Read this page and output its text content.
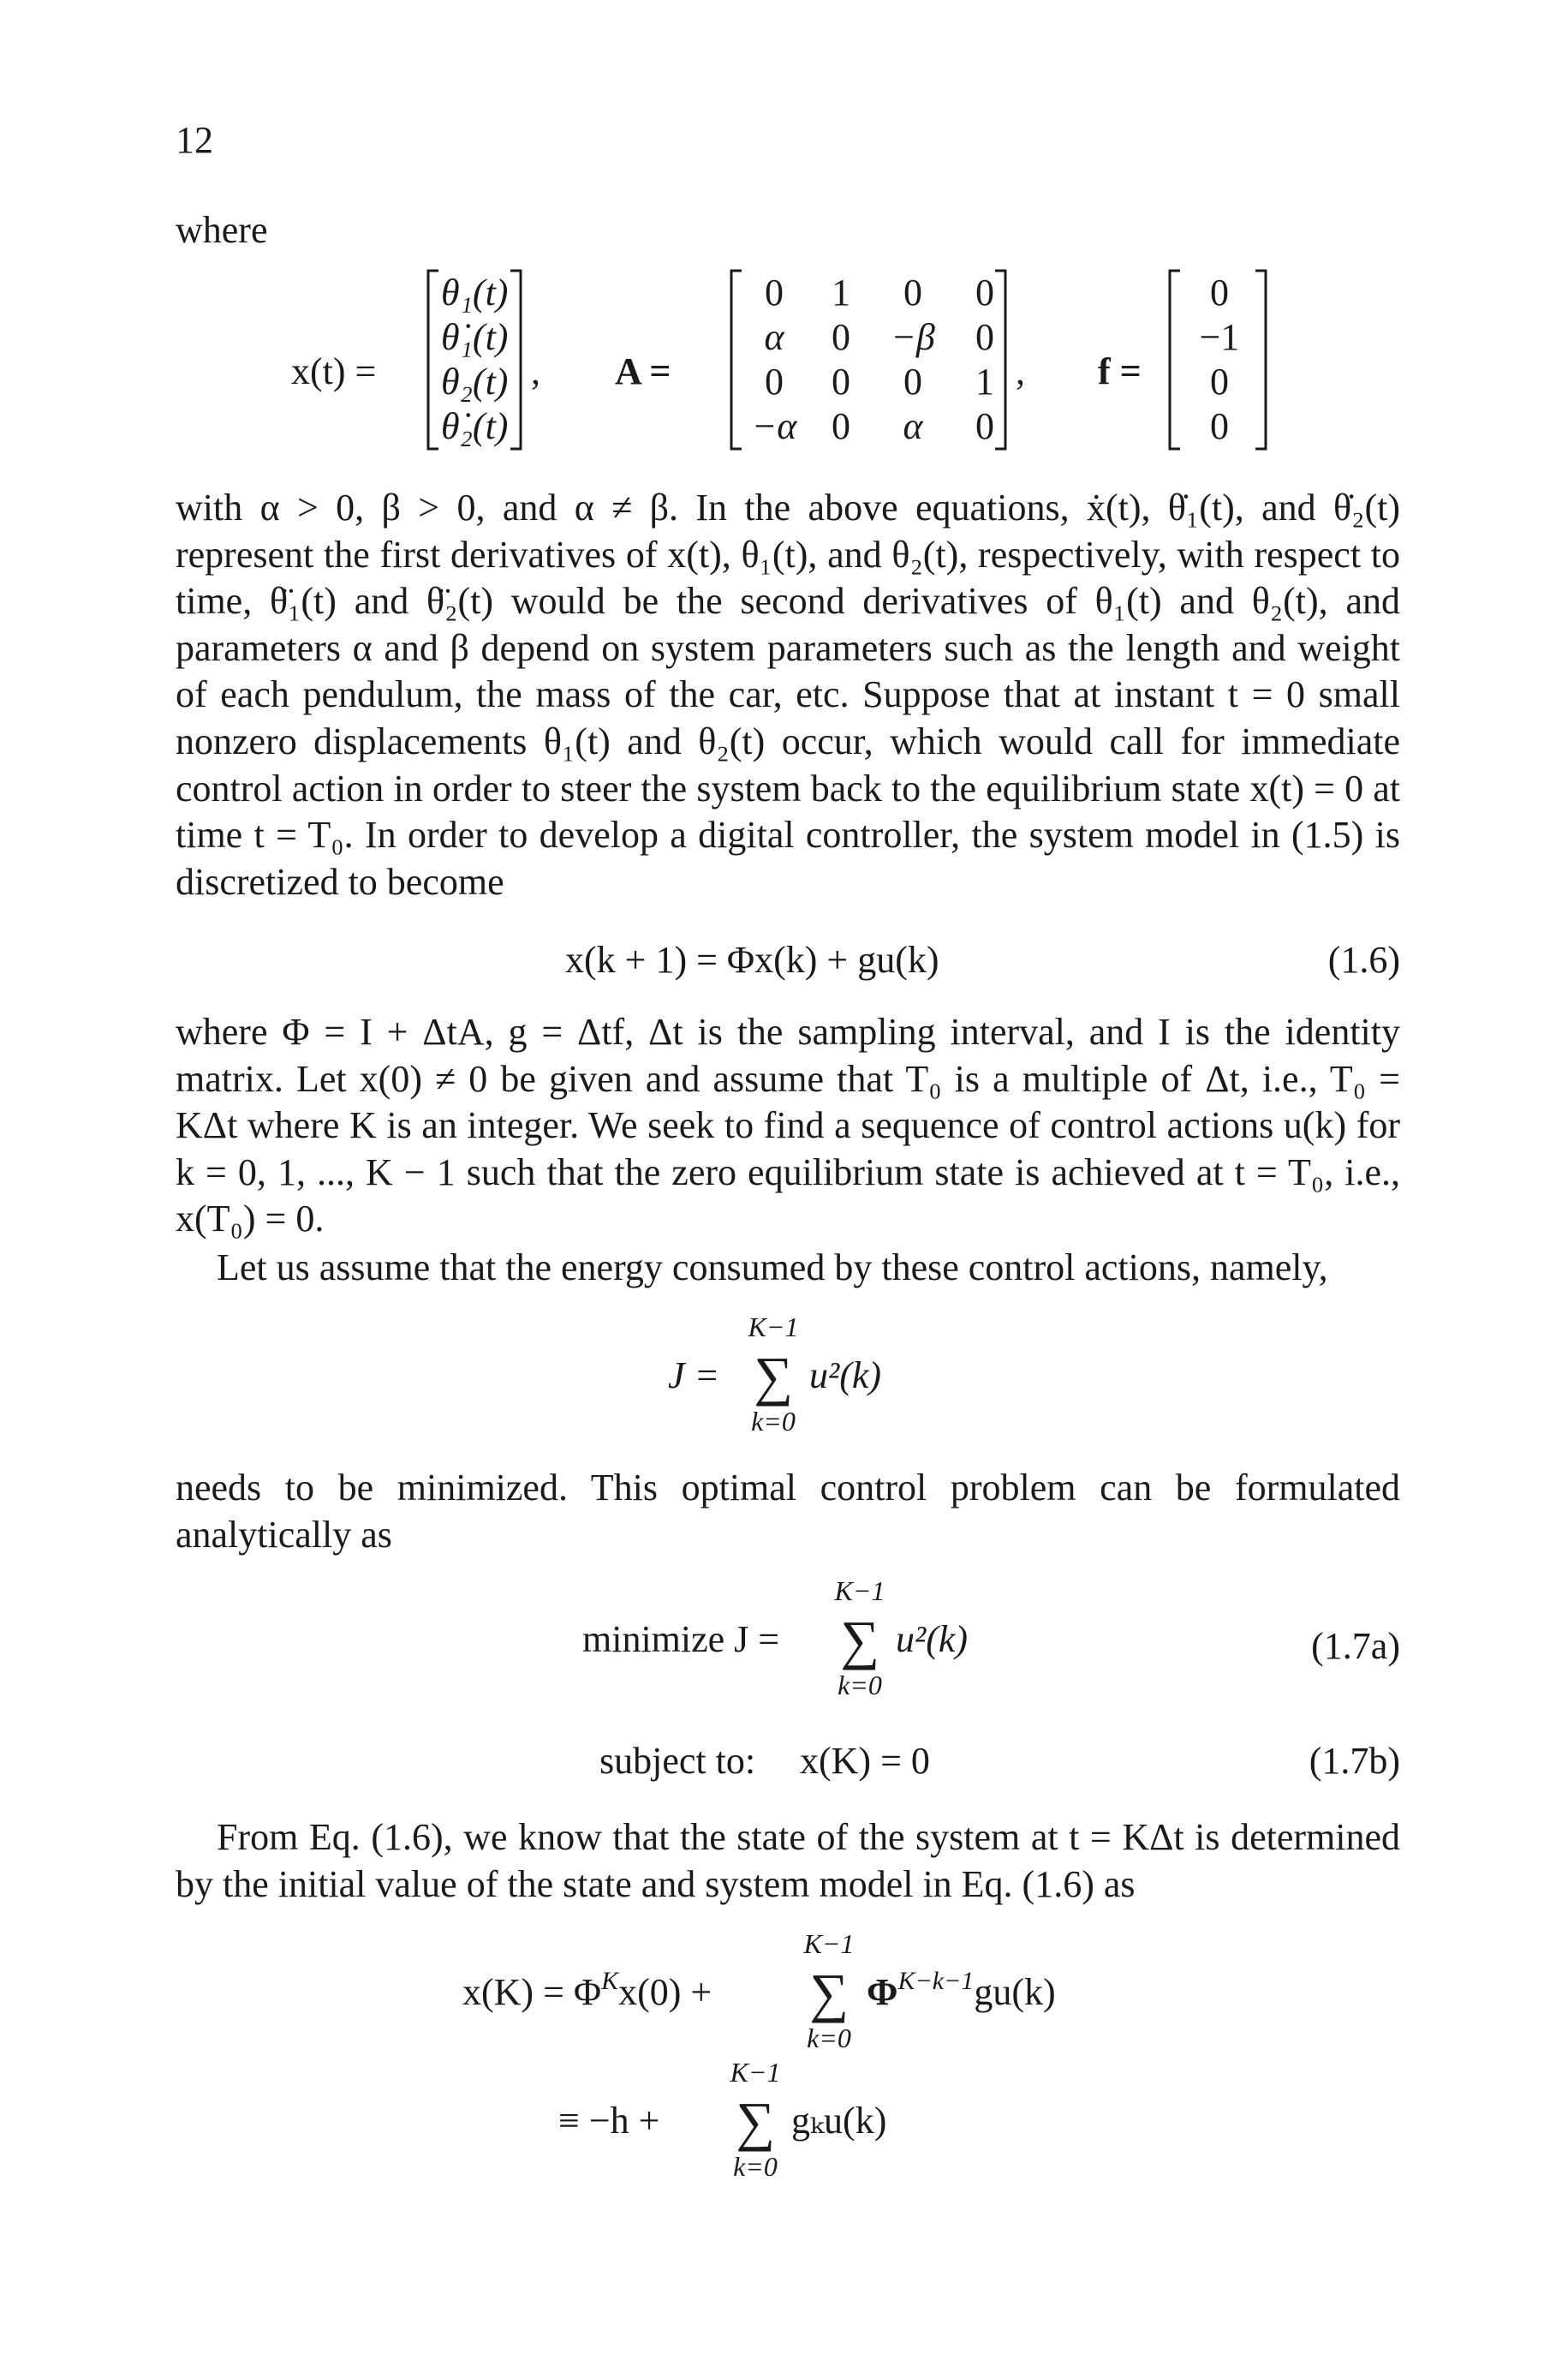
12
where
x(t) =
θ₁(t)
θ̇₁(t)
θ₂(t)
θ̇₂(t)
, A =
0 1 0 0
α 0 −β 0
0 0 0 1
−α 0 α 0
, f =
0
−1
0
0
with α > 0, β > 0, and α ≠ β. In the above equations, ẋ(t), θ̇₁(t), and θ̇₂(t) represent the first derivatives of x(t), θ₁(t), and θ₂(t), respectively, with respect to time, θ̈₁(t) and θ̈₂(t) would be the second derivatives of θ₁(t) and θ₂(t), and parameters α and β depend on system parameters such as the length and weight of each pendulum, the mass of the car, etc. Suppose that at instant t = 0 small nonzero displacements θ₁(t) and θ₂(t) occur, which would call for immediate control action in order to steer the system back to the equilibrium state x(t) = 0 at time t = T₀. In order to develop a digital controller, the system model in (1.5) is discretized to become
x(k + 1) = Φx(k) + gu(k)	(1.6)
where Φ = I + ΔtA, g = Δtf, Δt is the sampling interval, and I is the identity matrix. Let x(0) ≠ 0 be given and assume that T₀ is a multiple of Δt, i.e., T₀ = KΔt where K is an integer. We seek to find a sequence of control actions u(k) for k = 0, 1, ..., K − 1 such that the zero equilibrium state is achieved at t = T₀, i.e., x(T₀) = 0.
Let us assume that the energy consumed by these control actions, namely,
J =
K−1
∑
k=0
u²(k)
needs to be minimized. This optimal control problem can be formulated analytically as
minimize J =
K−1
∑
k=0
u²(k)	(1.7a)
subject to: x(K) = 0	(1.7b)
From Eq. (1.6), we know that the state of the system at t = KΔt is determined by the initial value of the state and system model in Eq. (1.6) as
$x(K) = \Phi^Kx(0)$ +
K−1
∑
k=0
$\Phi^{K-k-1}gu(k)$
≡ −h +
K−1
∑
k=0
gₖu(k)
